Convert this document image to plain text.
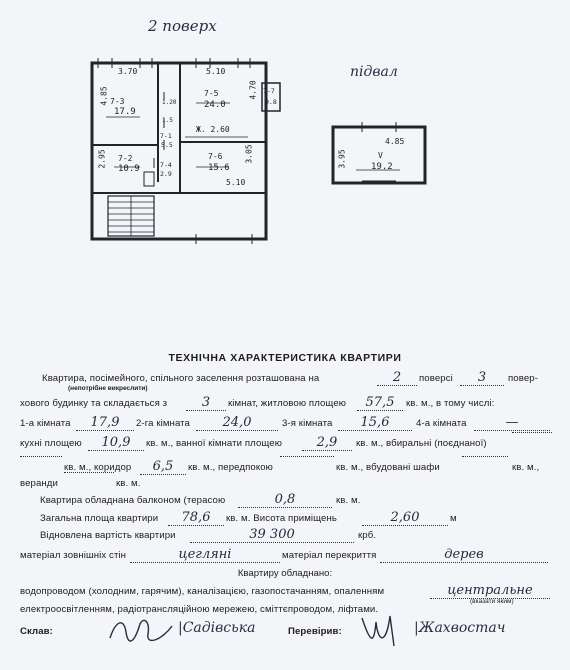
2 поверх
підвал
3.70	5.10
4.85	4.70
7-3
17.9
7-5
24.0
7-7
0.8
Ж. 2.60
7-1
5.5
2.95	3.05
7-2
10.9
7-6
15.6
5.10
7-4
2.9
4.85
3.95	V
19.2
1.20
1.5
ТЕХНІЧНА ХАРАКТЕРИСТИКА КВАРТИРИ
Квартира, посімейного, спільного заселення розташована на	2	поверсі	3	повер-
(непотрібне викреслити)
хового будинку та складається з	3	кімнат, житловою площею	57,5	кв. м., в тому числі:
1-а кімната	17,9	2-га кімната	24,0	3-я кімната	15,6	4-а кімната	—
кухні площею	10,9	кв. м., ванної кімнати площею	2,9	кв. м., вбиральні (поєднаної)
кв. м., коридор	6,5	кв. м., передпокою	кв. м., вбудовані шафи	кв. м.,
веранди	кв. м.
Квартира обладнана балконом (терасою	0,8	кв. м.
Загальна площа квартири	78,6	кв. м. Висота приміщень	2,60	м
Відновлена вартість квартири	39 300	крб.
матеріал зовнішніх стін	цегляні	матеріал перекриття	дерев
Квартиру обладнано:
водопроводом (холодним, гарячим), каналізацією, газопостачанням, опаленням	центральне
(вказати яким)
електроосвітленням, радіотрансляційною мережею, сміттєпроводом, ліфтами.
Склав:	|Садівська	Перевірив:	|Жахвостач
